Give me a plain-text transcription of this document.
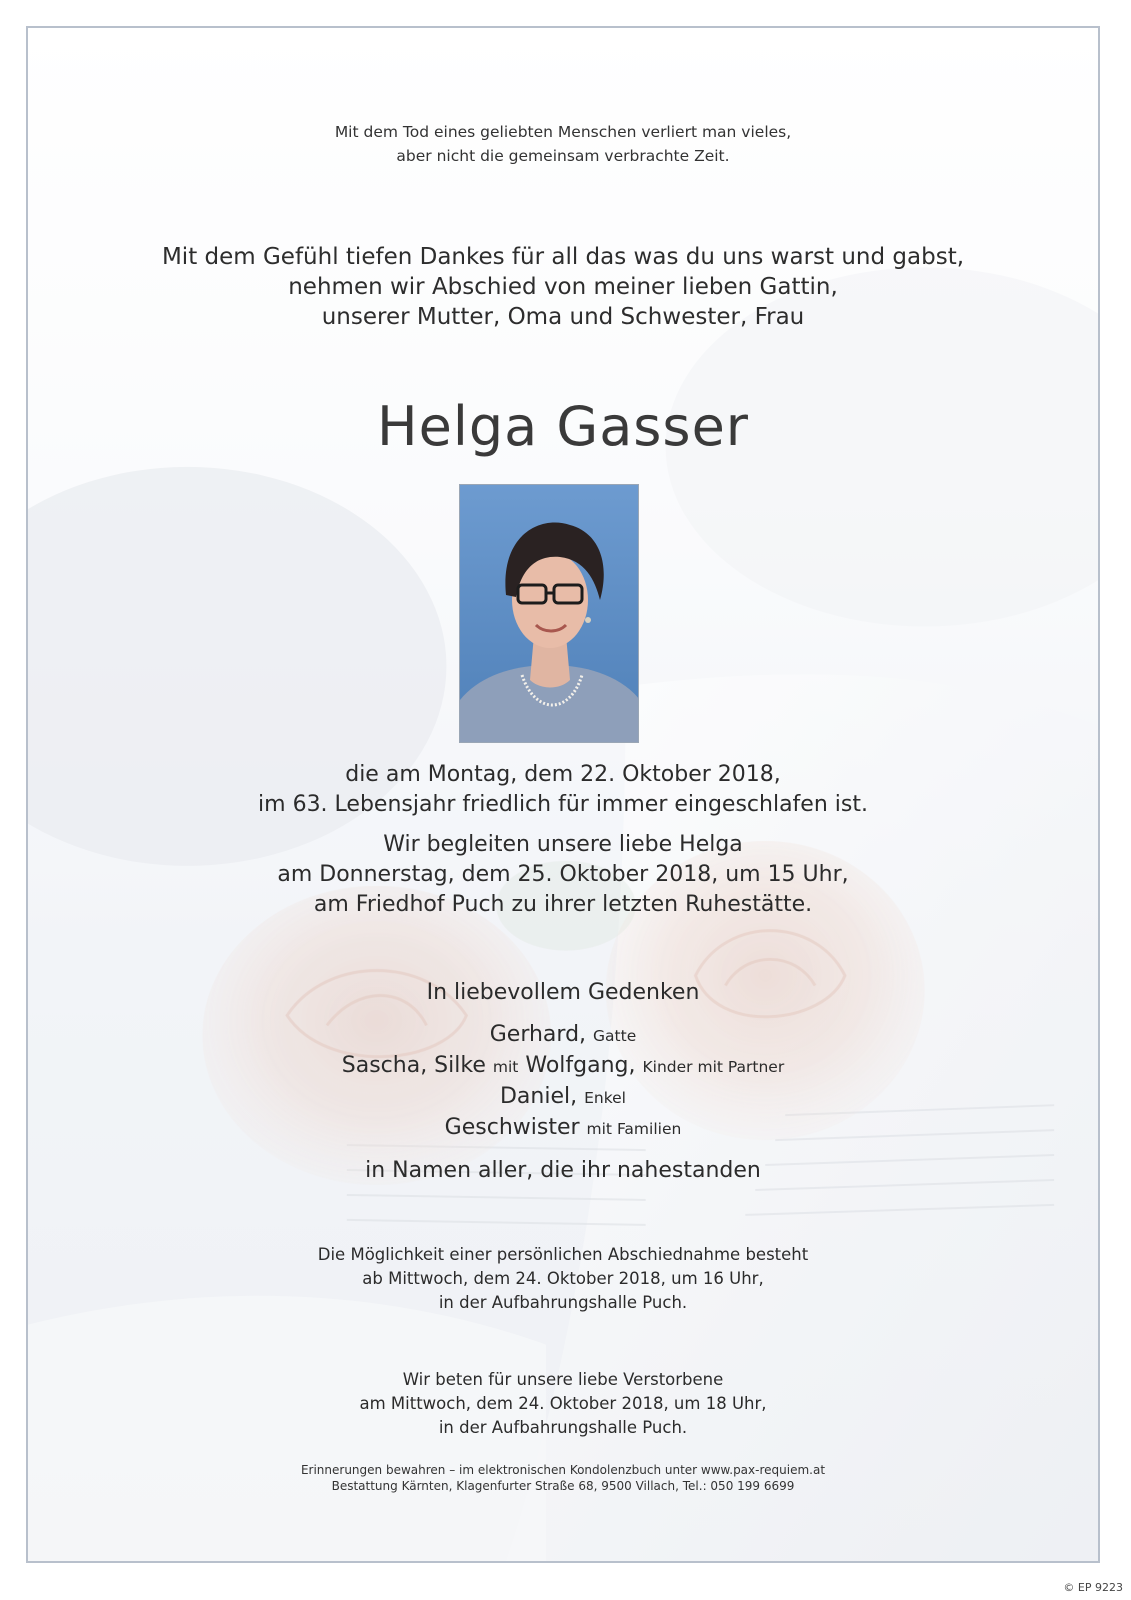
Mit dem Tod eines geliebten Menschen verliert man vieles,
aber nicht die gemeinsam verbrachte Zeit.
Mit dem Gefühl tiefen Dankes für all das was du uns warst und gabst,
nehmen wir Abschied von meiner lieben Gattin,
unserer Mutter, Oma und Schwester, Frau
Helga Gasser
die am Montag, dem 22. Oktober 2018,
im 63. Lebensjahr friedlich für immer eingeschlafen ist.
Wir begleiten unsere liebe Helga
am Donnerstag, dem 25. Oktober 2018, um 15 Uhr,
am Friedhof Puch zu ihrer letzten Ruhestätte.
In liebevollem Gedenken
Gerhard, Gatte
Sascha, Silke mit Wolfgang, Kinder mit Partner
Daniel, Enkel
Geschwister mit Familien
in Namen aller, die ihr nahestanden
Die Möglichkeit einer persönlichen Abschiednahme besteht
ab Mittwoch, dem 24. Oktober 2018, um 16 Uhr,
in der Aufbahrungshalle Puch.
Wir beten für unsere liebe Verstorbene
am Mittwoch, dem 24. Oktober 2018, um 18 Uhr,
in der Aufbahrungshalle Puch.
Erinnerungen bewahren – im elektronischen Kondolenzbuch unter www.pax-requiem.at
Bestattung Kärnten, Klagenfurter Straße 68, 9500 Villach, Tel.: 050 199 6699
© EP 9223
